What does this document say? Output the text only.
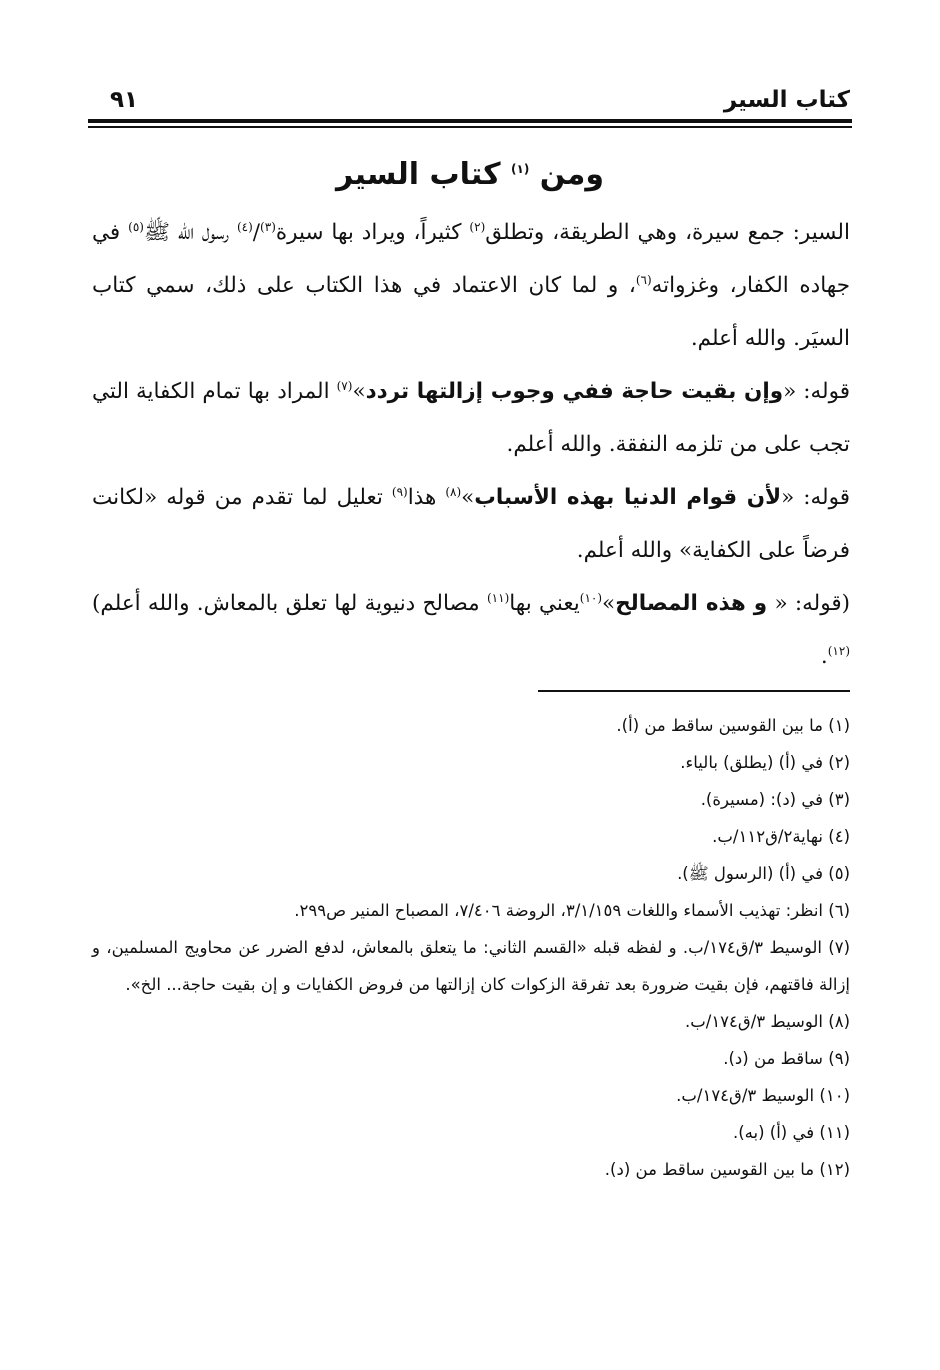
كتاب السير
٩١
ومن $^{(١)}$ كتاب السير

السير: جمع سيرة، وهي الطريقة، وتطلق$^{(٢)}$ كثيراً، ويراد بها سيرة$^{(٣)}$/$^{(٤)}$ رسول الله ﷺ$^{(٥)}$ في جهاده الكفار، وغزواته$^{(٦)}$، و لما كان الاعتماد في هذا الكتاب على ذلك، سمي كتاب السيَر. والله أعلم.

قوله: «وإن بقيت حاجة ففي وجوب إزالتها تردد»$^{(٧)}$ المراد بها تمام الكفاية التي تجب على من تلزمه النفقة. والله أعلم.

قوله: «لأن قوام الدنيا بهذه الأسباب»$^{(٨)}$ هذا$^{(٩)}$ تعليل لما تقدم من قوله «لكانت فرضاً على الكفاية» والله أعلم.

(قوله: « و هذه المصالح»$^{(١٠)}$يعني بها$^{(١١)}$ مصالح دنيوية لها تعلق بالمعاش. والله أعلم)$^{(١٢)}$.

(١) ما بين القوسين ساقط من (أ).

(٢) في (أ) (يطلق) بالياء.

(٣) في (د): (مسيرة).

(٤) نهاية٢/ق١١٢/ب.

(٥) في (أ) (الرسول ﷺ).

(٦) انظر: تهذيب الأسماء واللغات ٣/١/١٥٩، الروضة ٧/٤٠٦، المصباح المنير ص٢٩٩.

(٧) الوسيط ٣/ق١٧٤/ب. و لفظه قبله «القسم الثاني: ما يتعلق بالمعاش، لدفع الضرر عن محاويج المسلمين، و إزالة فاقتهم، فإن بقيت ضرورة بعد تفرقة الزكوات كان إزالتها من فروض الكفايات و إن بقيت حاجة... الخ».

(٨) الوسيط ٣/ق١٧٤/ب.

(٩) ساقط من (د).

(١٠) الوسيط ٣/ق١٧٤/ب.

(١١) في (أ) (به).

(١٢) ما بين القوسين ساقط من (د).
